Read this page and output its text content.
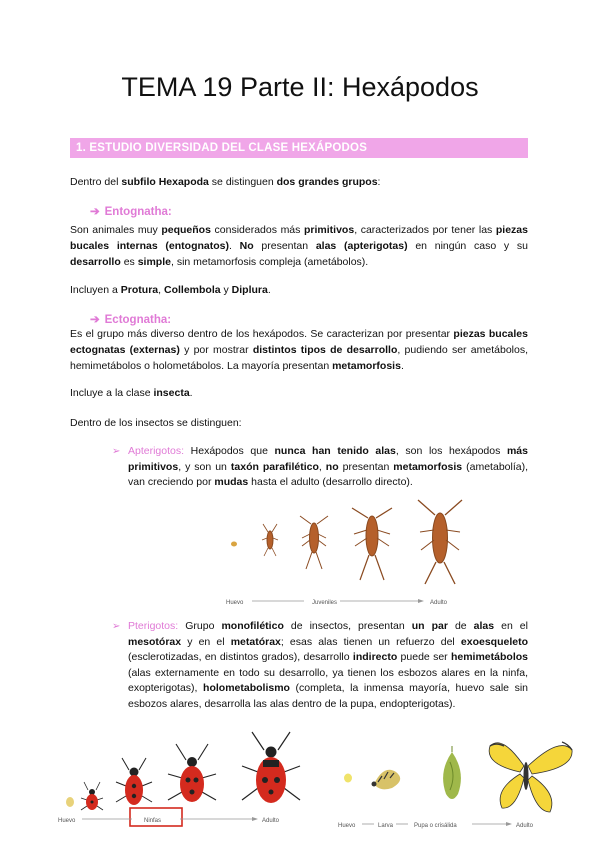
TEMA 19 Parte II: Hexápodos
1. ESTUDIO DIVERSIDAD DEL CLASE HEXÁPODOS
Dentro del subfilo Hexapoda se distinguen dos grandes grupos:
➔ Entognatha:
Son animales muy pequeños considerados más primitivos, caracterizados por tener las piezas bucales internas (entognatos). No presentan alas (apterigotas) en ningún caso y su desarrollo es simple, sin metamorfosis compleja (ametábolos).
Incluyen a Protura, Collembola y Diplura.
➔ Ectognatha:
Es el grupo más diverso dentro de los hexápodos. Se caracterizan por presentar piezas bucales ectognatas (externas) y por mostrar distintos tipos de desarrollo, pudiendo ser ametábolos, hemimetábolos o holometábolos. La mayoría presentan metamorfosis.
Incluye a la clase insecta.
Dentro de los insectos se distinguen:
➢ Apterigotos: Hexápodos que nunca han tenido alas, son los hexápodos más primitivos, y son un taxón parafilético, no presentan metamorfosis (ametabolía), van creciendo por mudas hasta el adulto (desarrollo directo).
Huevo	Juveniles	Adulto
➢ Pterigotos: Grupo monofilético de insectos, presentan un par de alas en el mesotórax y en el metatórax; esas alas tienen un refuerzo del exoesqueleto (esclerotizadas, en distintos grados), desarrollo indirecto puede ser hemimetábolos (alas externamente en todo su desarrollo, ya tienen los esbozos alares en la ninfa, exopterigotas), holometabolismo (completa, la inmensa mayoría, huevo sale sin esbozos alares, desarrolla las alas dentro de la pupa, endopterigotas).
Huevo	Ninfas	Adulto
Huevo	Larva	Pupa o crisálida	Adulto
